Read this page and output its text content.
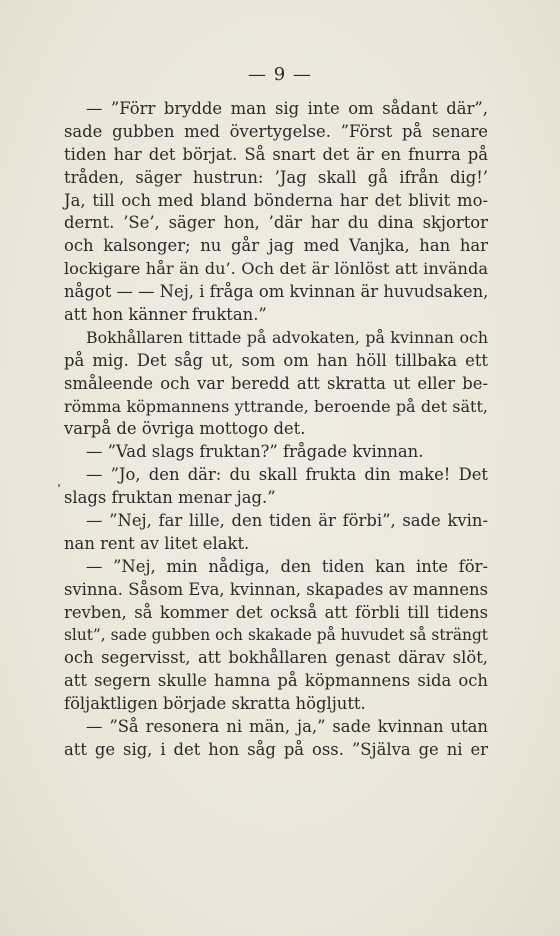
— 9 —
— ”Förr brydde man sig inte om sådant där”,
sade gubben med övertygelse. ”Först på senare
tiden har det börjat. Så snart det är en fnurra på
tråden, säger hustrun: ’Jag skall gå ifrån dig!’
Ja, till och med bland bönderna har det blivit mo-
dernt. ’Se’, säger hon, ’där har du dina skjortor
och kalsonger; nu går jag med Vanjka, han har
lockigare hår än du’. Och det är lönlöst att invända
något — — Nej, i fråga om kvinnan är huvudsaken,
att hon känner fruktan.”
Bokhållaren tittade på advokaten, på kvinnan och
på mig. Det såg ut, som om han höll tillbaka ett
småleende och var beredd att skratta ut eller be-
römma köpmannens yttrande, beroende på det sätt,
varpå de övriga mottogo det.
— ”Vad slags fruktan?” frågade kvinnan.
— ”Jo, den där: du skall frukta din make! Det
slags fruktan menar jag.”
— ”Nej, far lille, den tiden är förbi”, sade kvin-
nan rent av litet elakt.
— ”Nej, min nådiga, den tiden kan inte för-
svinna. Såsom Eva, kvinnan, skapades av mannens
revben, så kommer det också att förbli till tidens
slut”, sade gubben och skakade på huvudet så strängt
och segervisst, att bokhållaren genast därav slöt,
att segern skulle hamna på köpmannens sida och
följaktligen började skratta högljutt.
— ”Så resonera ni män, ja,” sade kvinnan utan
att ge sig, i det hon såg på oss. ”Själva ge ni er
